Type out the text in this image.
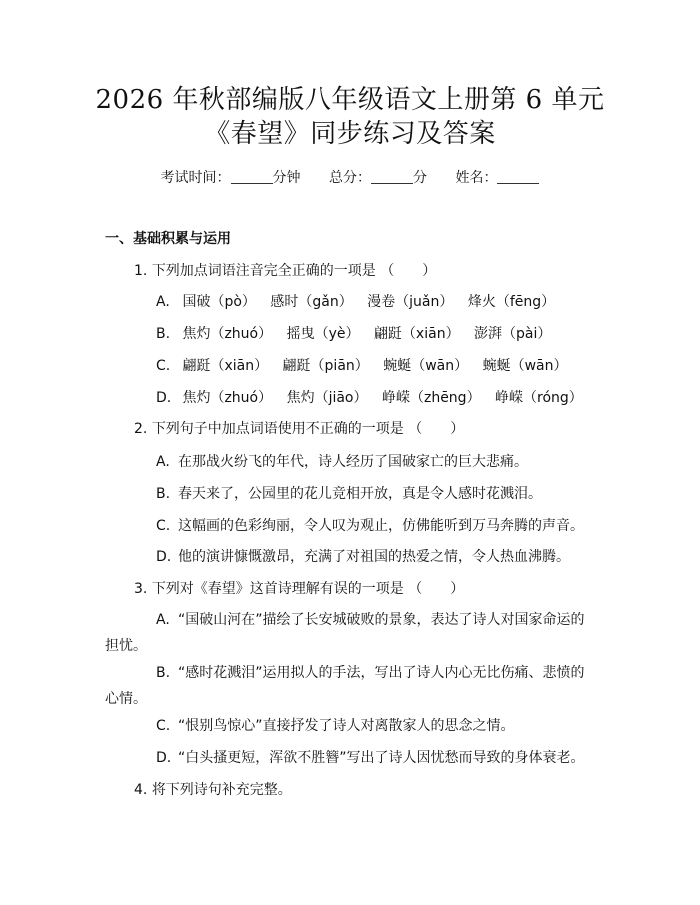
2026 年秋部编版八年级语文上册第 6 单元
《春望》同步练习及答案
考试时间：	分钟 总分：	分 姓名：
一、基础积累与运用
1. 下列加点词语注音完全正确的一项是 （　　）
A. 国破（pò） 感时（gǎn） 漫卷（juǎn） 烽火（fēng）
B. 焦灼（zhuó） 摇曳（yè） 翩跹（xiān） 澎湃（pài）
C. 翩跹（xiān） 翩跹（piān） 蜿蜒（wān） 蜿蜒（wān）
D. 焦灼（zhuó） 焦灼（jiāo） 峥嵘（zhēng） 峥嵘（róng）
2. 下列句子中加点词语使用不正确的一项是 （　　）
A. 在那战火纷飞的年代，诗人经历了国破家亡的巨大悲痛。
B. 春天来了，公园里的花儿竞相开放，真是令人感时花溅泪。
C. 这幅画的色彩绚丽，令人叹为观止，仿佛能听到万马奔腾的声音。
D. 他的演讲慷慨激昂，充满了对祖国的热爱之情，令人热血沸腾。
3. 下列对《春望》这首诗理解有误的一项是 （　　）
A. “国破山河在”描绘了长安城破败的景象，表达了诗人对国家命运的担忧。
B. “感时花溅泪”运用拟人的手法，写出了诗人内心无比伤痛、悲愤的心情。
C. “恨别鸟惊心”直接抒发了诗人对离散家人的思念之情。
D. “白头搔更短，浑欲不胜簪”写出了诗人因忧愁而导致的身体衰老。
4. 将下列诗句补充完整。
